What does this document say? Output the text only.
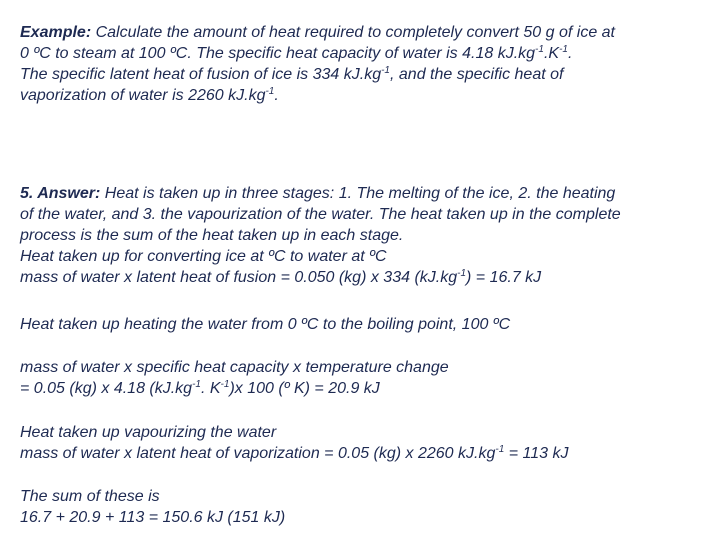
Example: Calculate the amount of heat required to completely convert 50 g of ice at
0 ºC to steam at 100 ºC. The specific heat capacity of water is 4.18 $kJ.kg^{-1}.K^{-1}$.
The specific latent heat of fusion of ice is 334 $kJ.kg^{-1}$, and the specific heat of
vaporization of water is 2260 $kJ.kg^{-1}$.
5. Answer: Heat is taken up in three stages: 1. The melting of the ice, 2. the heating
of the water, and 3. the vapourization of the water. The heat taken up in the complete
process is the sum of the heat taken up in each stage.
Heat taken up for converting ice at ºC to water at ºC
mass of water x latent heat of fusion = 0.050 (kg) x 334 $(kJ.kg^{-1}) = 16.7$ kJ
Heat taken up heating the water from 0 ºC to the boiling point, 100 ºC
mass of water x specific heat capacity x temperature change
= 0.05 (kg) x 4.18 ($kJ.kg^{-1}$. $K^{-1})x$ 100 (º K) = 20.9 kJ
Heat taken up vapourizing the water
mass of water x latent heat of vaporization = 0.05 (kg) x 2260 $kJ.kg^{-1} = 113$ kJ
The sum of these is
16.7 + 20.9 + 113 = 150.6 kJ (151 kJ)
